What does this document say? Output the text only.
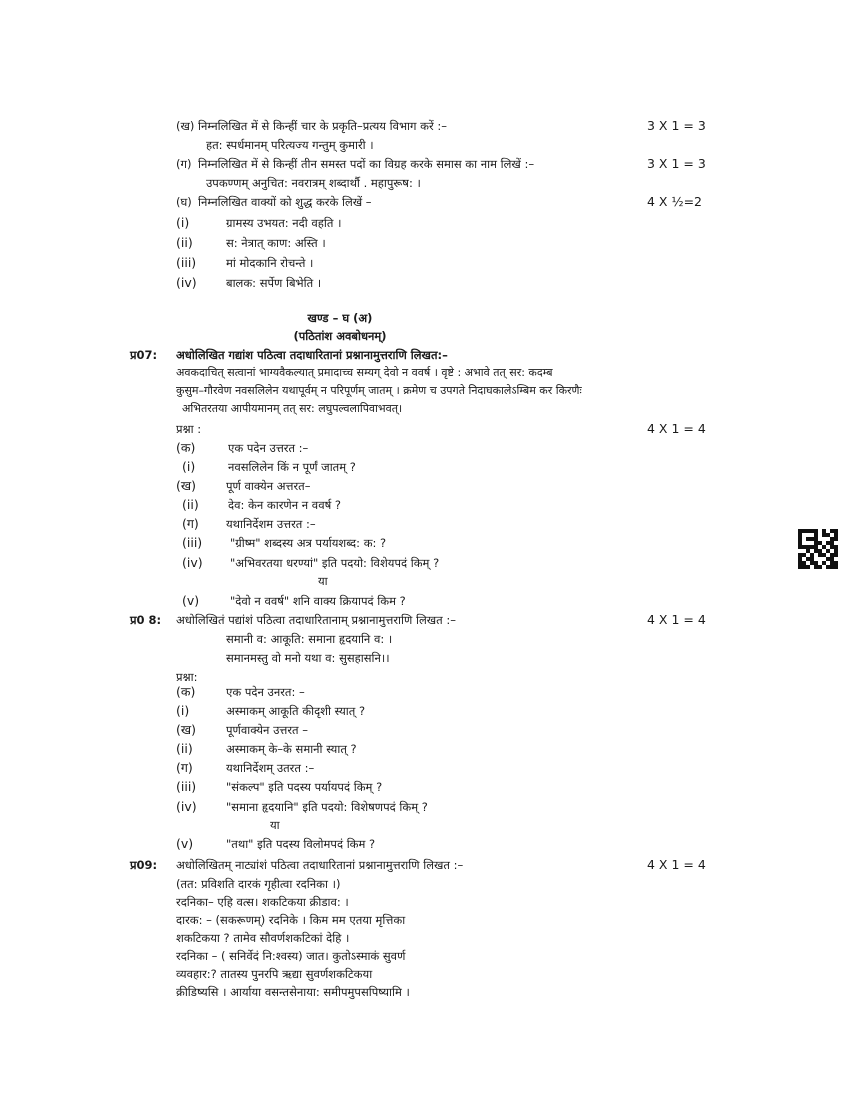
(ख) निम्नलिखित में से किन्हीं चार के प्रकृति–प्रत्यय विभाग करें :–	3 X 1 = 3
हत: स्पर्धमानम् परित्यज्य गन्तुम् कुमारी ।
(ग) निम्नलिखित में से किन्हीं तीन समस्त पदों का विग्रह करके समास का नाम लिखें :–	3 X 1 = 3
उपकण्णम् अनुचित: नवरात्रम् शब्दार्थौ . महापुरूष: ।
(घ) निम्नलिखित वाक्यों को शुद्ध करके लिखें –	4 X ½=2
(i)	ग्रामस्य उभयत: नदी वहति ।
(ii)	स: नेत्रात् काण: अस्ति ।
(iii)	मां मोदकानि रोचन्ते ।
(iv)	बालक: सर्पेण बिभेति ।
खण्ड – घ (अ)
(पठितांश अवबोधनम्)
प्र07: अधोलिखित गद्यांश पठित्वा तदाधारितानां प्रश्नानामुत्तराणि लिखत:–
अवकदाचित् सत्वानां भाग्यवैकल्यात् प्रमादाच्च सम्यग् देवो न ववर्ष । वृष्टे : अभावे तत् सर: कदम्ब
कुसुम–गौरवेण नवसलिलेन यथापूर्वम् न परिपूर्णम् जातम् । क्रमेण च उपगते निदाघकालेऽम्बिम कर किरणैः
अभितरतया आपीयमानम् तत् सर: लघुपल्वलापिवाभवत्।
प्रश्ना :	4 X 1 = 4
(क)	एक पदेन उत्तरत :–
(i)	नवसलिलेन किं न पूर्णं जातम् ?
(ख)	पूर्ण वाक्येन अत्तरत–
(ii)	देव: केन कारणेन न ववर्ष ?
(ग) यथानिर्देशम उत्तरत :–
(iii) "ग्रीष्म" शब्दस्य अत्र पर्यायशब्द: क: ?
(iv) "अभिवरतया धरण्यां" इति पदयो: विशेयपदं किम् ?
या
(v)	"देवो न ववर्ष" शनि वाक्य क्रियापदं किम ?
प्र0 8: अधोलिखितं पद्यांशं पठित्वा तदाधारितानाम् प्रश्नानामुत्तराणि लिखत :–	4 X 1 = 4
समानी व: आकूति: समाना हृदयानि व: ।
समानमस्तु वो मनो यथा व: सुसहासनि।।
प्रश्ना:
(क)	एक पदेन उनरत: –
(i)	अस्माकम् आकूति कीदृशी स्यात् ?
(ख)	पूर्णवाक्येन उत्तरत –
(ii)	अस्माकम् के–के समानी स्यात् ?
(ग)	यथानिर्देशम् उतरत :–
(iii)	"संकल्प" इति पदस्य पर्यायपदं किम् ?
(iv)	"समाना हृदयानि" इति पदयो: विशेषणपदं किम् ?
या
(v)	"तथा" इति पदस्य विलोमपदं किम ?
प्र09: अधोलिखितम् नाट्यांशं पठित्वा तदाधारितानां प्रश्नानामुत्तराणि लिखत :–	4 X 1 = 4
(तत: प्रविशति दारकं गृहीत्वा रदनिका ।)
रदनिका– एहि वत्स। शकटिकया क्रीडाव: ।
दारक: – (सकरूणम्) रदनिके । किम मम एतया मृत्तिका
शकटिकया ? तामेव सौवर्णशकटिकां देहि ।
रदनिका – ( सनिर्वेदं नि:श्वस्य) जात। कुतोऽस्माकं सुवर्ण
व्यवहार:? तातस्य पुनरपि ऋद्या सुवर्णशकटिकया
क्रीडिष्यसि । आर्याया वसन्तसेनाया: समीपमुपसपिष्यामि ।
